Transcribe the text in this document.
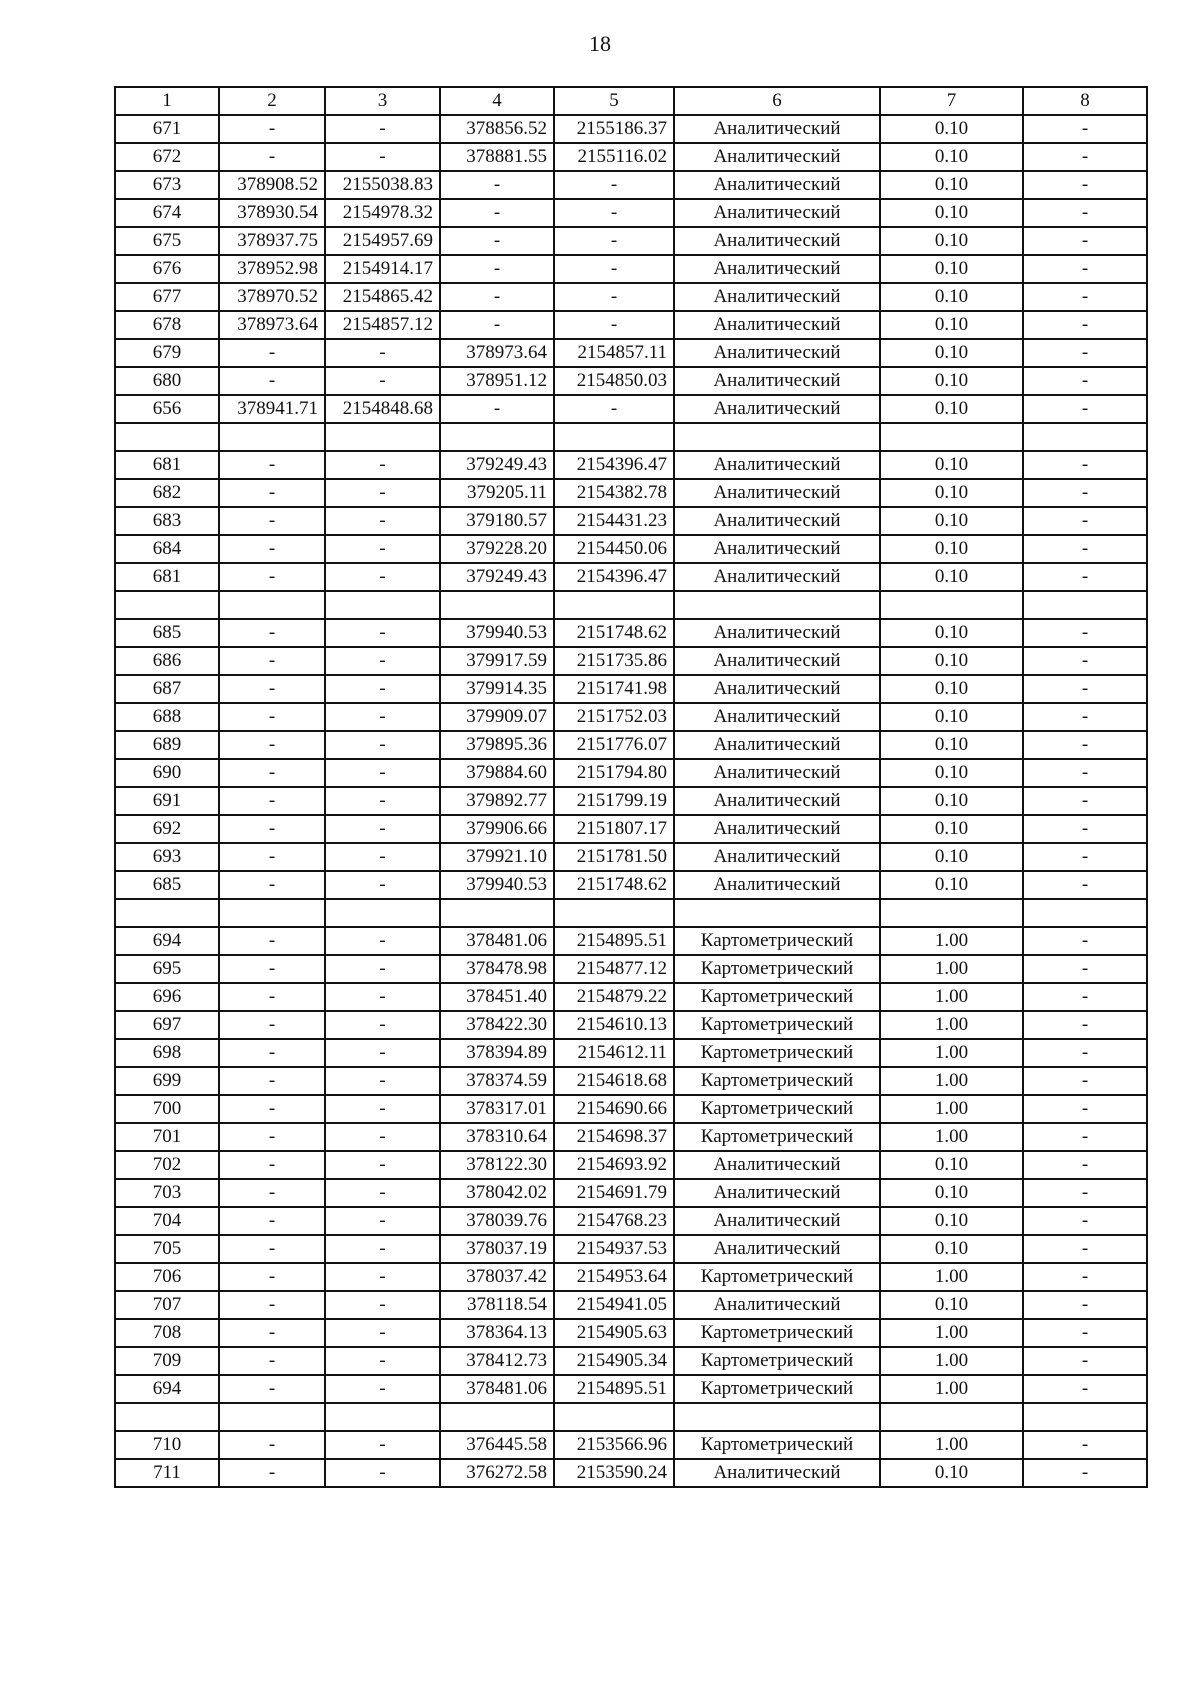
18
1	2	3	4	5	6	7	8
671	-	-	378856.52	2155186.37	Аналитический	0.10	-
672	-	-	378881.55	2155116.02	Аналитический	0.10	-
673	378908.52	2155038.83	-	-	Аналитический	0.10	-
674	378930.54	2154978.32	-	-	Аналитический	0.10	-
675	378937.75	2154957.69	-	-	Аналитический	0.10	-
676	378952.98	2154914.17	-	-	Аналитический	0.10	-
677	378970.52	2154865.42	-	-	Аналитический	0.10	-
678	378973.64	2154857.12	-	-	Аналитический	0.10	-
679	-	-	378973.64	2154857.11	Аналитический	0.10	-
680	-	-	378951.12	2154850.03	Аналитический	0.10	-
656	378941.71	2154848.68	-	-	Аналитический	0.10	-

681	-	-	379249.43	2154396.47	Аналитический	0.10	-
682	-	-	379205.11	2154382.78	Аналитический	0.10	-
683	-	-	379180.57	2154431.23	Аналитический	0.10	-
684	-	-	379228.20	2154450.06	Аналитический	0.10	-
681	-	-	379249.43	2154396.47	Аналитический	0.10	-

685	-	-	379940.53	2151748.62	Аналитический	0.10	-
686	-	-	379917.59	2151735.86	Аналитический	0.10	-
687	-	-	379914.35	2151741.98	Аналитический	0.10	-
688	-	-	379909.07	2151752.03	Аналитический	0.10	-
689	-	-	379895.36	2151776.07	Аналитический	0.10	-
690	-	-	379884.60	2151794.80	Аналитический	0.10	-
691	-	-	379892.77	2151799.19	Аналитический	0.10	-
692	-	-	379906.66	2151807.17	Аналитический	0.10	-
693	-	-	379921.10	2151781.50	Аналитический	0.10	-
685	-	-	379940.53	2151748.62	Аналитический	0.10	-

694	-	-	378481.06	2154895.51	Картометрический	1.00	-
695	-	-	378478.98	2154877.12	Картометрический	1.00	-
696	-	-	378451.40	2154879.22	Картометрический	1.00	-
697	-	-	378422.30	2154610.13	Картометрический	1.00	-
698	-	-	378394.89	2154612.11	Картометрический	1.00	-
699	-	-	378374.59	2154618.68	Картометрический	1.00	-
700	-	-	378317.01	2154690.66	Картометрический	1.00	-
701	-	-	378310.64	2154698.37	Картометрический	1.00	-
702	-	-	378122.30	2154693.92	Аналитический	0.10	-
703	-	-	378042.02	2154691.79	Аналитический	0.10	-
704	-	-	378039.76	2154768.23	Аналитический	0.10	-
705	-	-	378037.19	2154937.53	Аналитический	0.10	-
706	-	-	378037.42	2154953.64	Картометрический	1.00	-
707	-	-	378118.54	2154941.05	Аналитический	0.10	-
708	-	-	378364.13	2154905.63	Картометрический	1.00	-
709	-	-	378412.73	2154905.34	Картометрический	1.00	-
694	-	-	378481.06	2154895.51	Картометрический	1.00	-

710	-	-	376445.58	2153566.96	Картометрический	1.00	-
711	-	-	376272.58	2153590.24	Аналитический	0.10	-
